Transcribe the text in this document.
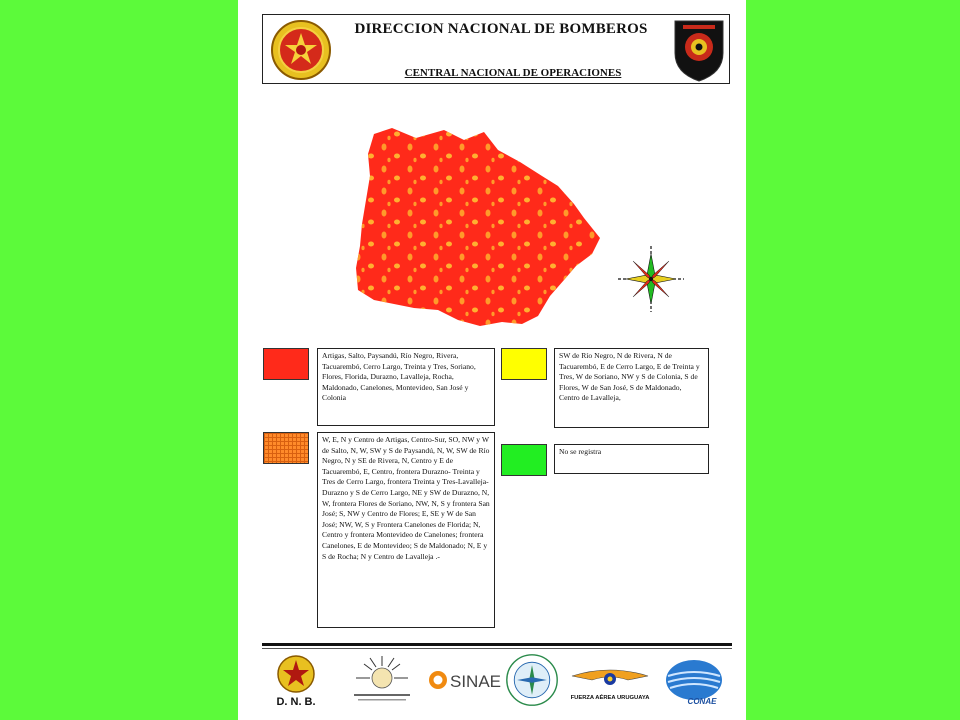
DIRECCION NACIONAL DE BOMBEROS
CENTRAL NACIONAL DE OPERACIONES
Artigas, Salto, Paysandú, Río Negro, Rivera, Tacuarembó, Cerro Largo, Treinta y Tres, Soriano, Flores, Florida, Durazno, Lavalleja, Rocha, Maldonado, Canelones, Montevideo, San José y Colonia
SW de Río Negro, N de Rivera, N de Tacuarembó, E de Cerro Largo, E de Treinta y Tres, W de Soriano, NW y S de Colonia, S de Flores, W de San José, S de Maldonado, Centro de Lavalleja,
W, E, N y Centro de Artigas, Centro-Sur, SO, NW y W de Salto, N, W, SW y S de Paysandú, N, W, SW de Río Negro, N y SE de Rivera, N, Centro y E de Tacuarembó, E, Centro, frontera Durazno- Treinta y Tres de Cerro Largo, frontera Treinta y Tres-Lavalleja- Durazno y S de Cerro Largo, NE y SW de Durazno, N, W, frontera Flores de Soriano, NW, N, S y frontera San José; S, NW y Centro de Flores; E, SE y W de San José; NW, W, S y Frontera Canelones de Florida; N, Centro y frontera Montevideo de Canelones; frontera Canelones, E de Montevideo; S de Maldonado; N, E y S de Rocha; N y Centro de Lavalleja .-
No se registra
D. N. B.
SINAE
FUERZA AÉREA URUGUAYA	CONAE
